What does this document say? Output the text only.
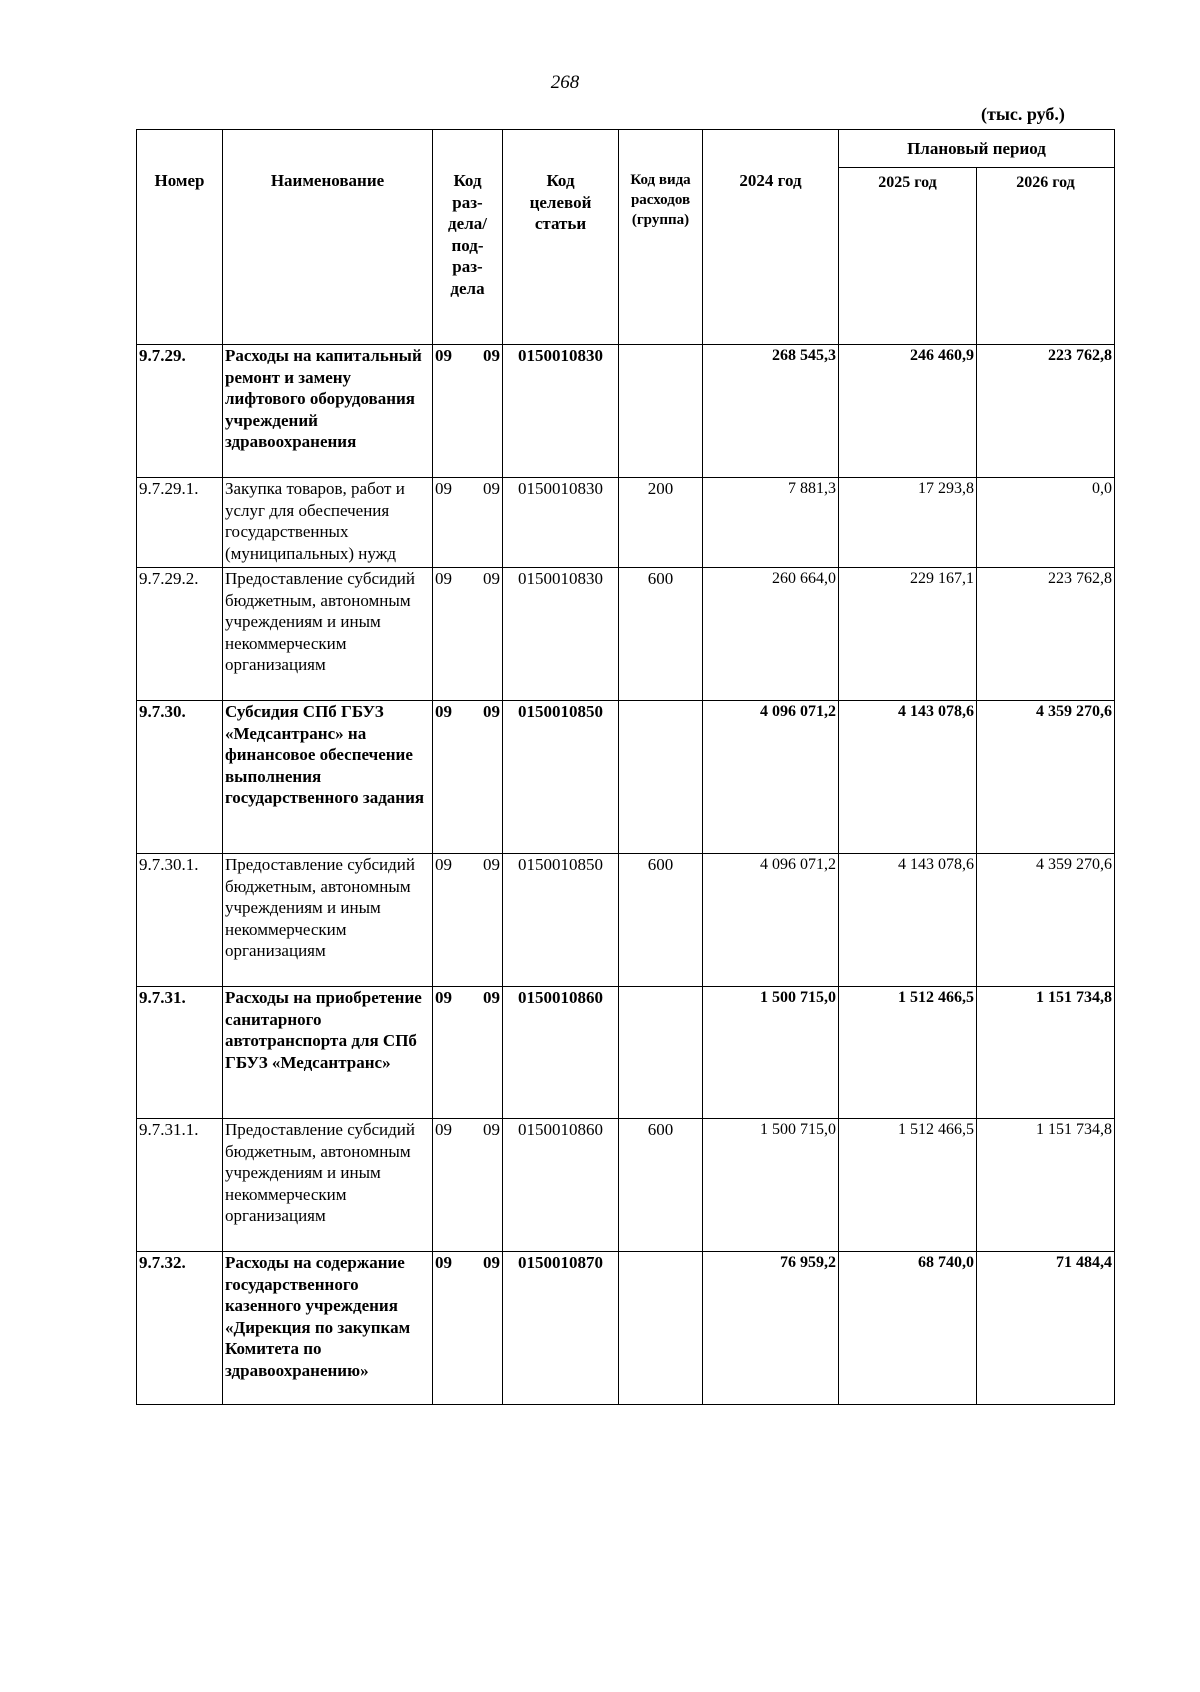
268
(тыс. руб.)
Номер	Наименование	Код раз-дела/ под-раз-дела	Код целевой статьи	Код вида расходов (группа)	2024 год	Плановый период	
						2025 год	2026 год
9.7.29.	Расходы на капитальный ремонт и замену лифтового оборудования учреждений здравоохранения	09 09	0150010830		268 545,3	246 460,9	223 762,8
9.7.29.1.	Закупка товаров, работ и услуг для обеспечения государственных (муниципальных) нужд	09 09	0150010830	200	7 881,3	17 293,8	0,0
9.7.29.2.	Предоставление субсидий бюджетным, автономным учреждениям и иным некоммерческим организациям	09 09	0150010830	600	260 664,0	229 167,1	223 762,8
9.7.30.	Субсидия СПб ГБУЗ «Медсантранс» на финансовое обеспечение выполнения государственного задания	09 09	0150010850		4 096 071,2	4 143 078,6	4 359 270,6
9.7.30.1.	Предоставление субсидий бюджетным, автономным учреждениям и иным некоммерческим организациям	09 09	0150010850	600	4 096 071,2	4 143 078,6	4 359 270,6
9.7.31.	Расходы на приобретение санитарного автотранспорта для СПб ГБУЗ «Медсантранс»	09 09	0150010860		1 500 715,0	1 512 466,5	1 151 734,8
9.7.31.1.	Предоставление субсидий бюджетным, автономным учреждениям и иным некоммерческим организациям	09 09	0150010860	600	1 500 715,0	1 512 466,5	1 151 734,8
9.7.32.	Расходы на содержание государственного казенного учреждения «Дирекция по закупкам Комитета по здравоохранению»	09 09	0150010870		76 959,2	68 740,0	71 484,4
